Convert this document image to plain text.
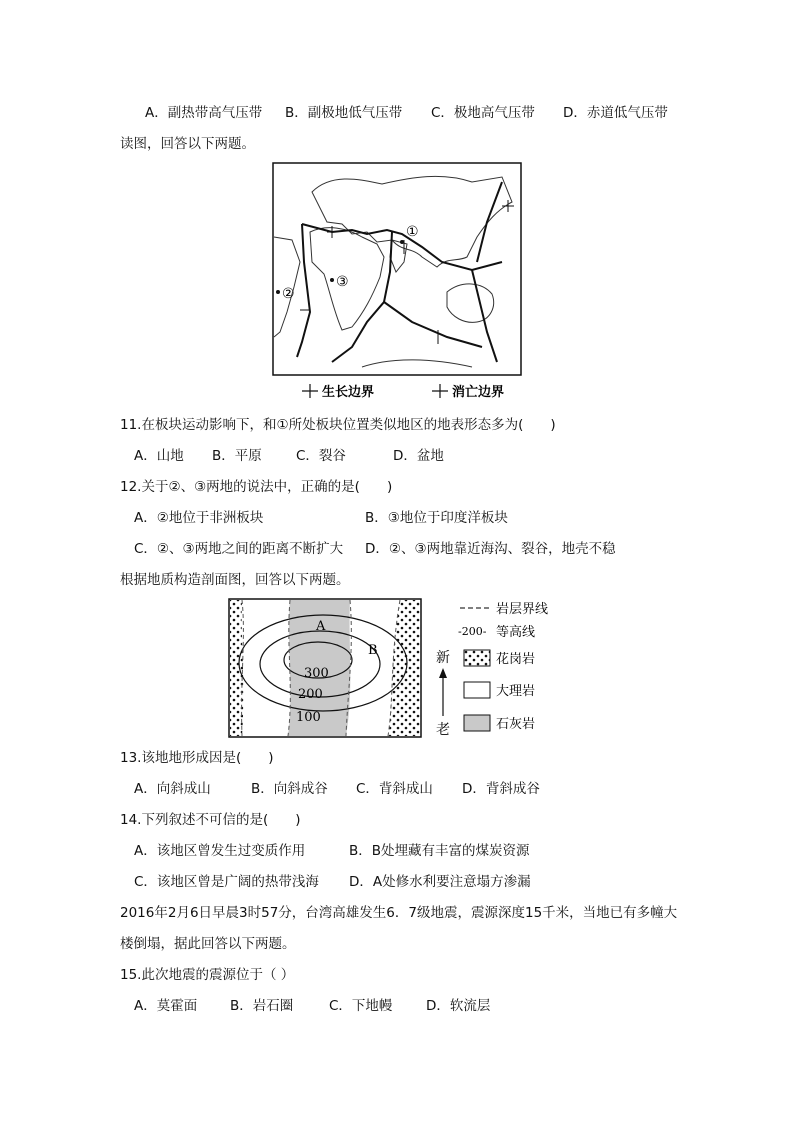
A．副热带高气压带 B．副极地低气压带 C．极地高气压带 D．赤道低气压带
读图，回答以下两题。
①
②
③
生长边界	消亡边界
11.在板块运动影响下，和①所处板块位置类似地区的地表形态多为(　　)
A．山地 B．平原	C．裂谷	D．盆地
12.关于②、③两地的说法中，正确的是(　　)
A．②地位于非洲板块	B．③地位于印度洋板块
C．②、③两地之间的距离不断扩大 D．②、③两地靠近海沟、裂谷，地壳不稳
根据地质构造剖面图，回答以下两题。
A
B
300
200
100
新
老
岩层界线
-200- 等高线
花岗岩
大理岩
石灰岩
13.该地地形成因是(　　)
A．向斜成山	B．向斜成谷 C．背斜成山 D．背斜成谷
14.下列叙述不可信的是(　　)
A．该地区曾发生过变质作用	B．B处埋藏有丰富的煤炭资源
C．该地区曾是广阔的热带浅海 D．A处修水利要注意塌方渗漏
2016年2月6日早晨3时57分，台湾高雄发生6．7级地震，震源深度15千米，当地已有多幢大
楼倒塌，据此回答以下两题。
15.此次地震的震源位于（ ）
A．莫霍面 B．岩石圈	C．下地幔 D．软流层
